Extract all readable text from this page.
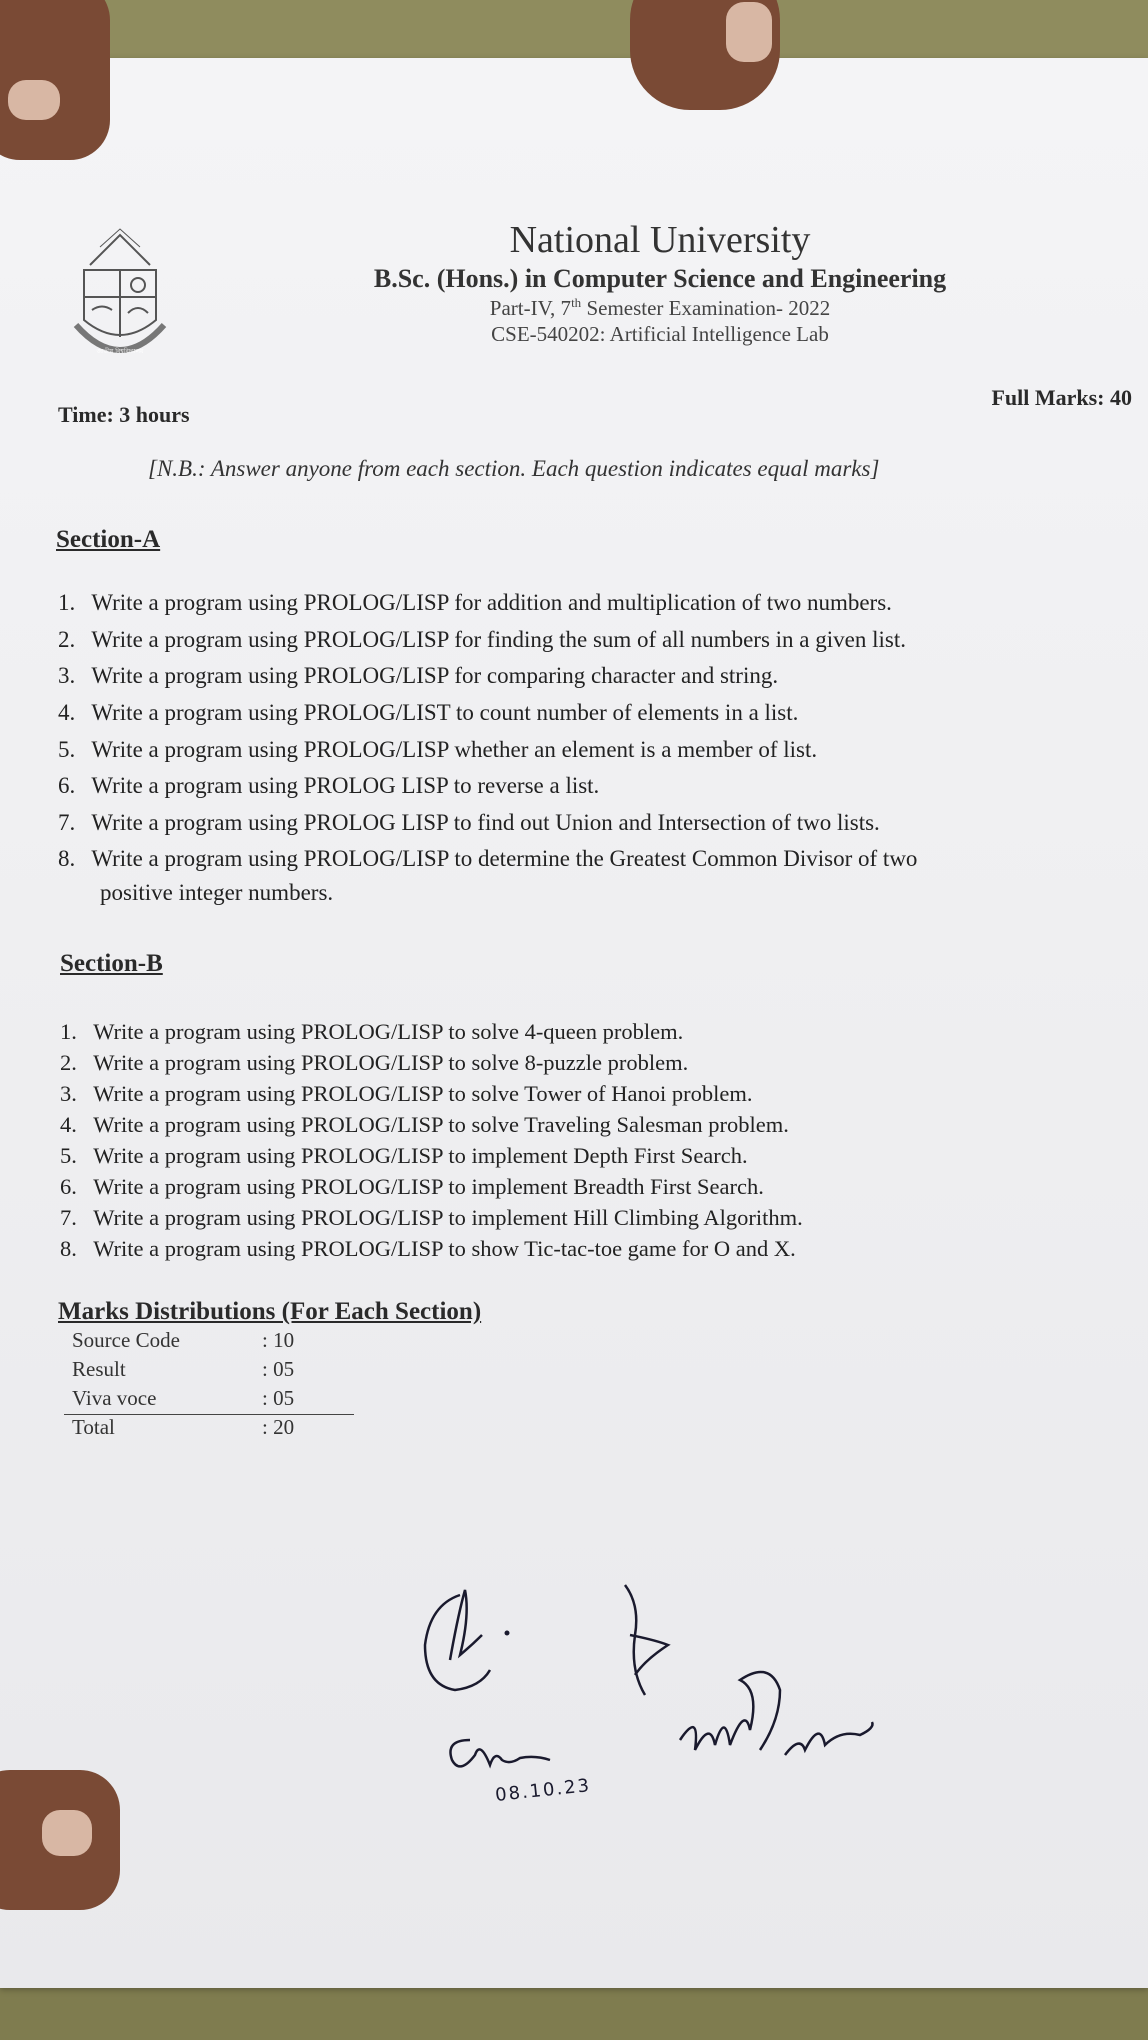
জাতীয় বিশ্ববিদ্যালয়
National University
B.Sc. (Hons.) in Computer Science and Engineering
Part-IV, 7th Semester Examination- 2022
CSE-540202: Artificial Intelligence Lab
Time: 3 hours
Full Marks: 40
[N.B.: Answer anyone from each section. Each question indicates equal marks]
Section-A
1. Write a program using PROLOG/LISP for addition and multiplication of two numbers.
2. Write a program using PROLOG/LISP for finding the sum of all numbers in a given list.
3. Write a program using PROLOG/LISP for comparing character and string.
4. Write a program using PROLOG/LIST to count number of elements in a list.
5. Write a program using PROLOG/LISP whether an element is a member of list.
6. Write a program using PROLOG LISP to reverse a list.
7. Write a program using PROLOG LISP to find out Union and Intersection of two lists.
8. Write a program using PROLOG/LISP to determine the Greatest Common Divisor of two
positive integer numbers.
Section-B
1. Write a program using PROLOG/LISP to solve 4-queen problem.
2. Write a program using PROLOG/LISP to solve 8-puzzle problem.
3. Write a program using PROLOG/LISP to solve Tower of Hanoi problem.
4. Write a program using PROLOG/LISP to solve Traveling Salesman problem.
5. Write a program using PROLOG/LISP to implement Depth First Search.
6. Write a program using PROLOG/LISP to implement Breadth First Search.
7. Write a program using PROLOG/LISP to implement Hill Climbing Algorithm.
8. Write a program using PROLOG/LISP to show Tic-tac-toe game for O and X.
Marks Distributions (For Each Section)
Source Code	: 10
Result	: 05
Viva voce	: 05
Total	: 20
08.10.23
